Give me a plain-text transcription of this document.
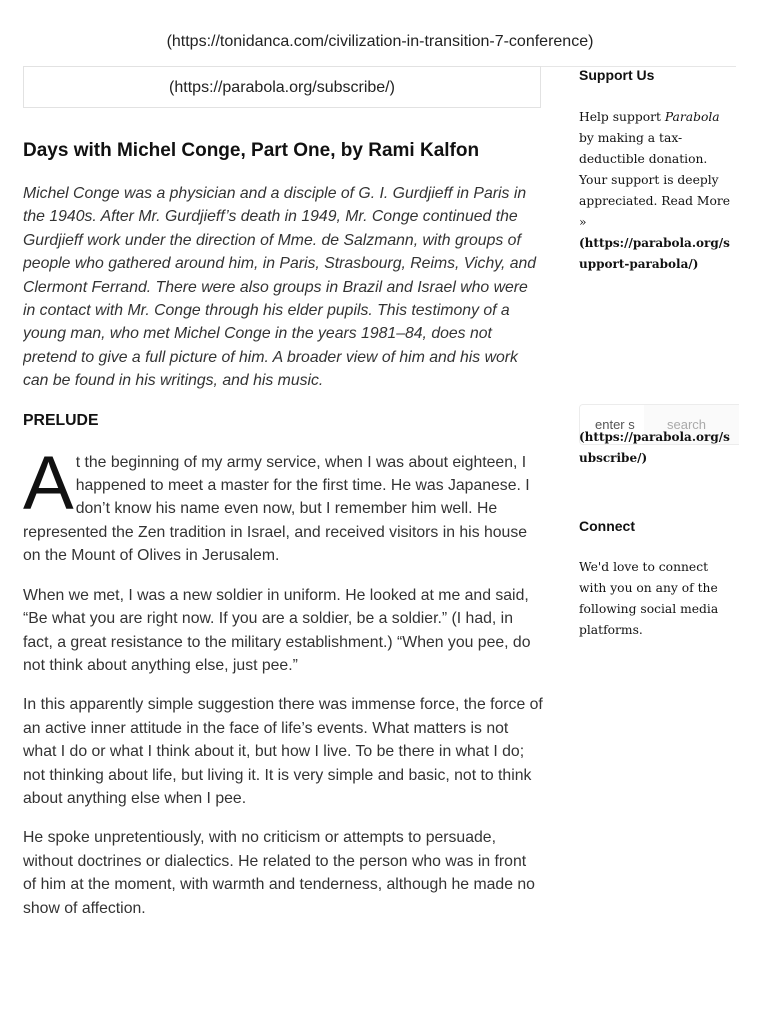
(https://tonidanca.com/civilization-in-transition-7-conference)
(https://parabola.org/subscribe/)
Days with Michel Conge, Part One, by Rami Kalfon

Michel Conge was a physician and a disciple of G. I. Gurdjieff in Paris in the 1940s. After Mr. Gurdjieff’s death in 1949, Mr. Conge continued the Gurdjieff work under the direction of Mme. de Salzmann, with groups of people who gathered around him, in Paris, Strasbourg, Reims, Vichy, and Clermont Ferrand. There were also groups in Brazil and Israel who were in contact with Mr. Conge through his elder pupils. This testimony of a young man, who met Michel Conge in the years 1981–84, does not pretend to give a full picture of him. A broader view of him and his work can be found in his writings, and his music.

PRELUDE

At the beginning of my army service, when I was about eighteen, I happened to meet a master for the first time. He was Japanese. I don’t know his name even now, but I remember him well. He represented the Zen tradition in Israel, and received visitors in his house on the Mount of Olives in Jerusalem.

When we met, I was a new soldier in uniform. He looked at me and said, “Be what you are right now. If you are a soldier, be a soldier.” (I had, in fact, a great resistance to the military establishment.) “When you pee, do not think about anything else, just pee.”

In this apparently simple suggestion there was immense force, the force of an active inner attitude in the face of life’s events. What matters is not what I do or what I think about it, but how I live. To be there in what I do; not thinking about life, but living it. It is very simple and basic, not to think about anything else when I pee.

He spoke unpretentiously, with no criticism or attempts to persuade, without doctrines or dialectics. He related to the person who was in front of him at the moment, with warmth and tenderness, although he made no show of affection.

Support Us

Help support Parabola by making a tax-deductible donation. Your support is deeply appreciated. Read More »

(https://parabola.org/support-parabola/)
enter s
search
(https://parabola.org/subscribe/)
Connect

We'd love to connect with you on any of the following social media platforms.
